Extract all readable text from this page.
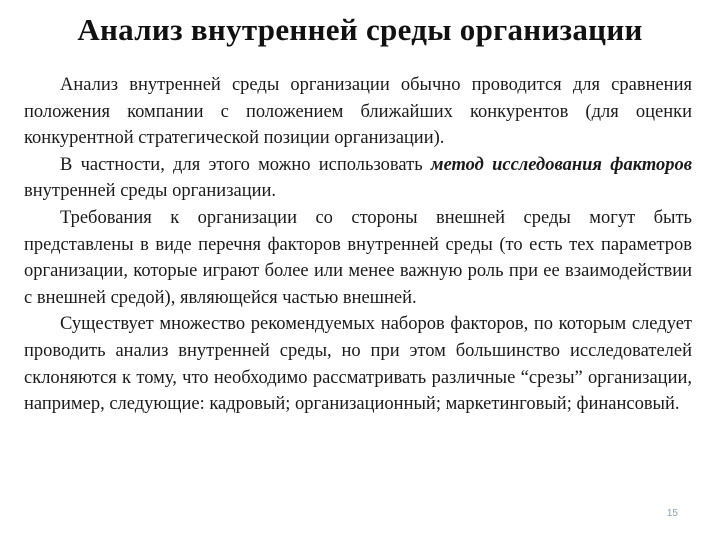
Анализ внутренней среды организации

Анализ внутренней среды организации обычно проводится для сравнения положения компании с положением ближайших конкурентов (для оценки конкурентной стратегической позиции организации).

В частности, для этого можно использовать метод исследования факторов внутренней среды организации.

Требования к организации со стороны внешней среды могут быть представлены в виде перечня факторов внутренней среды (то есть тех параметров организации, которые играют более или менее важную роль при ее взаимодействии с внешней средой), являющейся частью внешней.

Существует множество рекомендуемых наборов факторов, по которым следует проводить анализ внутренней среды, но при этом большинство исследователей склоняются к тому, что необходимо рассматривать различные “срезы” организации, например, следующие: кадровый; организационный; маркетинговый; финансовый.

15
